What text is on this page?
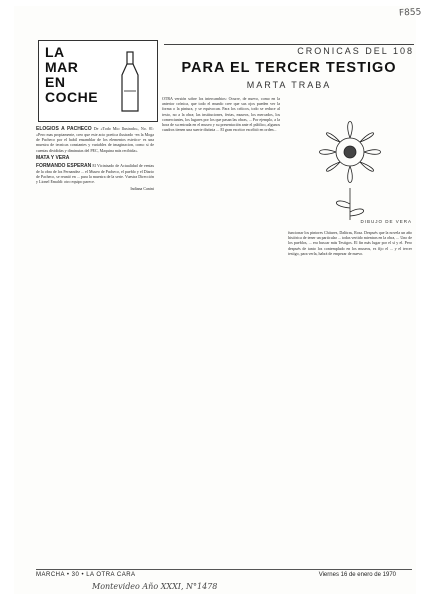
F855
LA
MAR
EN
COCHE
CRONICAS DEL 108
PARA EL TERCER TESTIGO
MARTA TRABA

ELOGIOS A PACHECO De «Todo Mio Ilustrado», No. 81: «Pero mas propiamente, creo que este acto poetica ilustrado -en la Moga de Pacheco por el habil ensamblar de los elementos estetico- es una muestra de tecnicas constantes y variables de imaginacion, como si de cuentas divididas y diminutas del PEC, Maquina más recibida».

MATA Y VERA

FORMANDO ESPERAN El Vicinisado de Actualidad de ventas de la obra de los Fernandez ... el Museo de Pacheco, el pueblo y el Diario de Pacheco, se reunió en ... para la muestra de la serie. Vuestra Dirección y Lionel Emaldi: otro equipo parece.

Indiana Canini

OTRA versión sobre los intercambios: Ocurre, de nuevo, como en la anterior crónica, que todo el mundo cree que sus ojos pueden ver la forma o la pintura, y se equivocan. Para los críticos, todo se reduce al texto, no a la obra; las instituciones, ferias, museos, los mercados, los comerciantes, los lugares por los que pasan las obras, ... Por ejemplo, a la hora de su entrada en el museo y su presentación ante el público, algunos cuadros tienen una suerte distinta ... El gran escritor escribió en orden...

DIBUJO DE VERA

funcionar los pintores Chitares, Dalitras, Rosa. Después que la novela un año histórica de tener un particular ... todas vertido mientras en la obra, ... Uno de los pueblos, ... era buscar más Testigos. El fin más lugar por el sí y el. Pero después de tanto los contemplado en los museos, es fijo el ... y el tercer testigo, para verla, habrá de empezar de nuevo.

MARCHA • 30 • LA OTRA CARA	Viernes 16 de enero de 1970
Montevideo Año XXXI, N°1478
